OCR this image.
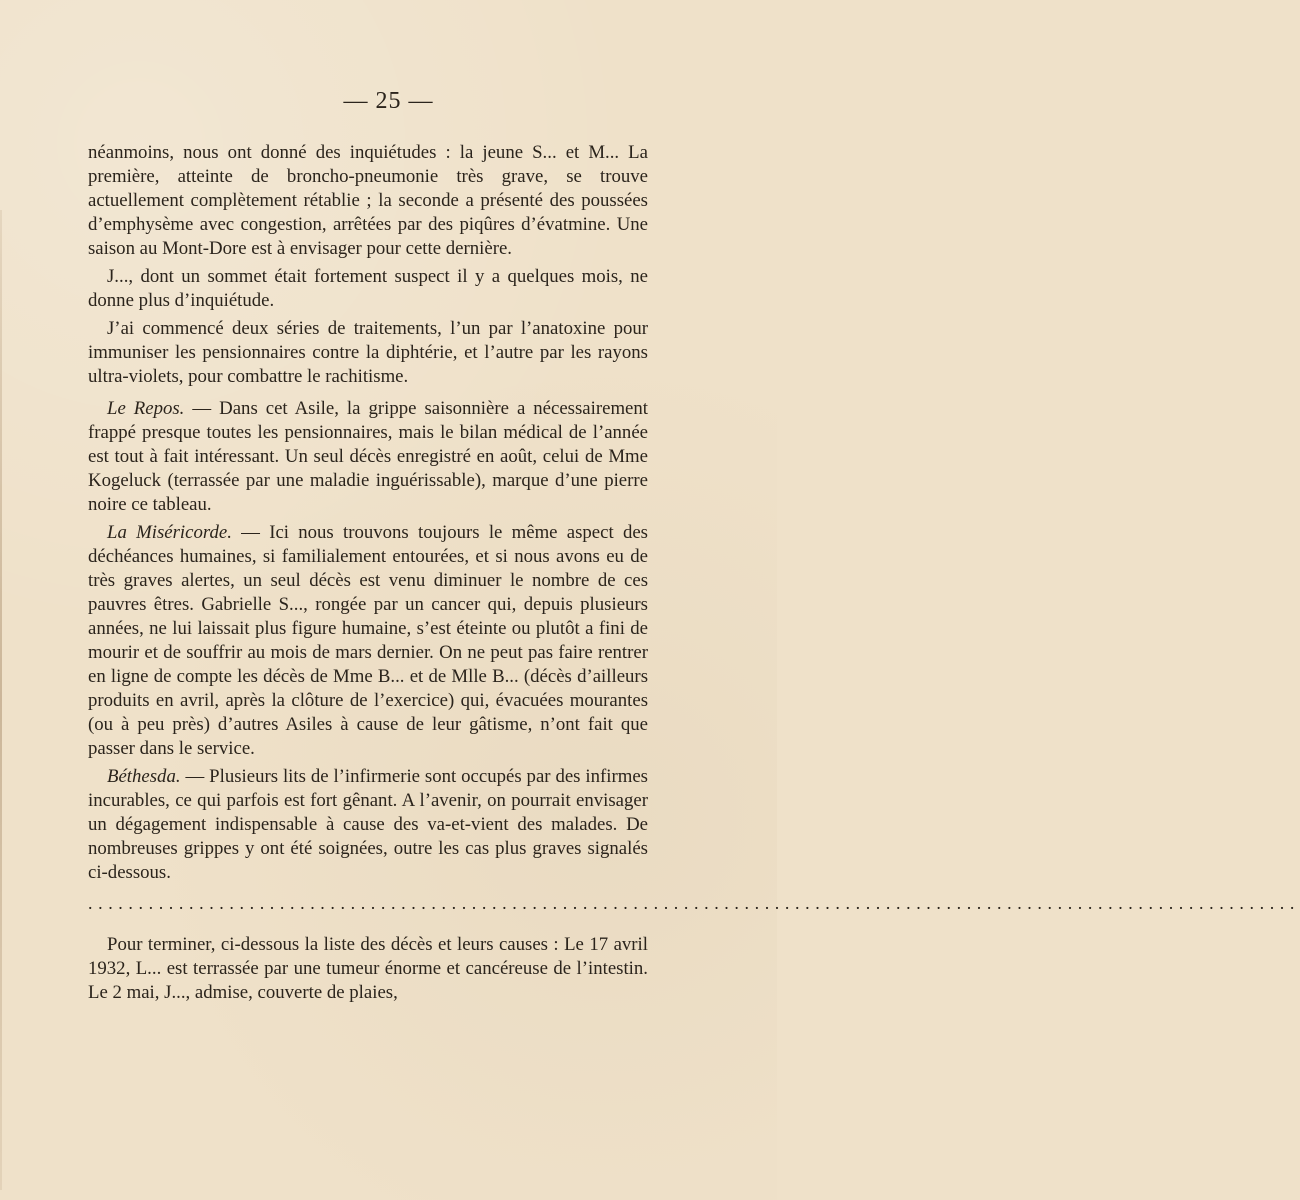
— 25 —

néanmoins, nous ont donné des inquiétudes : la jeune S... et M... La première, atteinte de broncho-pneumonie très grave, se trouve actuellement complètement rétablie ; la seconde a présenté des poussées d’emphysème avec congestion, arrêtées par des piqûres d’évatmine. Une saison au Mont-Dore est à envisager pour cette dernière.

J..., dont un sommet était fortement suspect il y a quelques mois, ne donne plus d’inquiétude.

J’ai commencé deux séries de traitements, l’un par l’anatoxine pour immuniser les pensionnaires contre la diphtérie, et l’autre par les rayons ultra-violets, pour combattre le rachitisme.

Le Repos. — Dans cet Asile, la grippe saisonnière a nécessairement frappé presque toutes les pensionnaires, mais le bilan médical de l’année est tout à fait intéressant. Un seul décès enregistré en août, celui de Mme Kogeluck (terrassée par une maladie inguérissable), marque d’une pierre noire ce tableau.

La Miséricorde. — Ici nous trouvons toujours le même aspect des déchéances humaines, si familialement entourées, et si nous avons eu de très graves alertes, un seul décès est venu diminuer le nombre de ces pauvres êtres. Gabrielle S..., rongée par un cancer qui, depuis plusieurs années, ne lui laissait plus figure humaine, s’est éteinte ou plutôt a fini de mourir et de souffrir au mois de mars dernier. On ne peut pas faire rentrer en ligne de compte les décès de Mme B... et de Mlle B... (décès d’ailleurs produits en avril, après la clôture de l’exercice) qui, évacuées mourantes (ou à peu près) d’autres Asiles à cause de leur gâtisme, n’ont fait que passer dans le service.

Béthesda. — Plusieurs lits de l’infirmerie sont occupés par des infirmes incurables, ce qui parfois est fort gênant. A l’avenir, on pourrait envisager un dégagement indispensable à cause des va-et-vient des malades. De nombreuses grippes y ont été soignées, outre les cas plus graves signalés ci-dessous.

........................................................................................................................

Pour terminer, ci-dessous la liste des décès et leurs causes : Le 17 avril 1932, L... est terrassée par une tumeur énorme et cancéreuse de l’intestin. Le 2 mai, J..., admise, couverte de plaies,
